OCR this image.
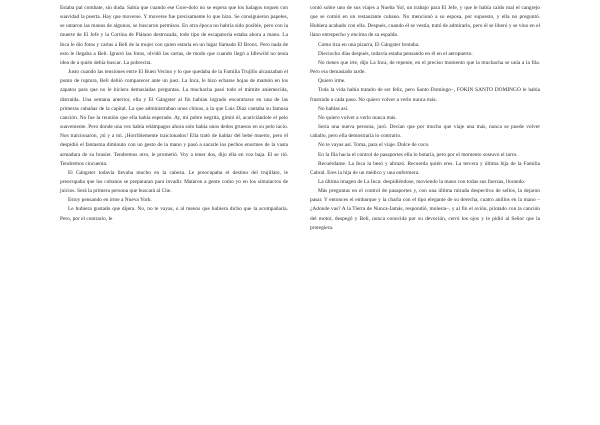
Estaba pal combate, sin duda. Sabía que cuando ese Gore-dolo no se espera que los halagos toquen con suavidad la puerta. Hay que moverse. Y moverse fue precisamente lo que hizo. Se consiguieron papeles, se untaron las manos de algunos, se buscaron permisos. En otra época no habría sido posible, pero con la muerte de El Jefe y la Cortina de Plátano destrozada, todo tipo de escapatoria estaba ahora a mano. La Inca le dio fotos y cartas a Beli de la mujer con quien estaría en un lugar llamado El Bronx. Pero nada de esto le llegaba a Beli. Ignoró las fotos, olvidó las cartas, de modo que cuando llegó a Idlewild no tenía idea de a quién debía buscar. La pobrecita.

Justo cuando las tensiones entre El Buen Vecino y lo que quedaba de la Familia Trujillo alcanzaban el punto de ruptura, Beli debió comparecer ante un juez. La Inca, le hizo echarse hojas de mamón en los zapatos para que no le hiciera demasiadas preguntas. La muchacha pasó todo el trámite aniemecida, distraída. Una semana anterior, ella y El Gángster al fin habían logrado encontrarse en una de las primeras cabañas de la capital. La que administraban unos chinos, a la que Luis Díaz cantaba su famosa canción. No fue la reunión que ella había esperado. Ay, mi pobre negrita, gimió él, acariciándole el pelo suavemente. Pero donde una vez había relámpagos ahora solo había unos dedos gruesos en su pelo lacio. Nos traicionaron, ¡tú y a mí. ¡Horriblemente traicionados! Ella trató de hablar del bebé muerto, pero él despidió el fantasma diminuto con un gesto de la mano y pasó a sacarle los pechos enormes de la vasta armadura de su brasier. Tendremos otro, le prometió. Voy a tener dos, dijo ella en voz baja. El se rió. Tendremos cincuenta.

El Gángster todavía llevaba mucho en la cabeza. Le preocupaba el destino del trujillato, le preocupaba que los cubanos se prepararan para invadir. Mataron a gente como yo en los simulacros de juicios. Será la primera persona que buscará al Che.

Estoy pensando en irme a Nueva York.

Le hubiera gustado que dijera. No, no te vayas, o al menos que hubiera dicho que la acompañaría. Pero, por el contrario, le

contó sobre uno de sus viajes a Nueba Yol, un trabajo para El Jefe, y que le había caído mal el cangrejo que se comió en un restaurante cubano. No mencionó a su esposa, por supuesto, y ella no preguntó. Hubiera acabado con ella. Después, cuando él se vestía, trató de admirarlo, pero él se liberó y se vino en el llano entrepecho y encima de su espalda.

Como tiza en una pizarra, El Gángster brotaba.

Dieciocho días después, todavía estaba pensando en él en el aeropuerto.

No tienes que irte, dijo La Inca, de repente, en el preciso momento que la muchacha se unía a la fila. Pero era demasiado tarde.

Quiero irme.

Toda la vida había tratado de ser feliz, pero Santo Domingo–, FOKIN SANTO DOMINGO le había frustrado a cada paso. No quiero volver a verlo nunca más.

No hablas así.

No quiero volver a verlo nunca más.

Sería una nueva persona, juró. Decían que por mucho que viaje una más, nunca se puede volver caballo, pero ella demostraría lo contrario.

No te vayas así. Toma, para el viaje. Dulce de coco.

En la fila hacia el control de pasaportes ella lo botaría, pero por el momento sostuvo el tarro.

Recuérdame. La Inca la besó y abrazó. Recuerda quién eres. La tercera y última hija de la Familia Cabral. Eres la hija de un médico y una enfermera.

La última imagen de La Inca: despidiéndose, moviendo la mano con todas sus fuerzas, llorando.

Más preguntas en el control de pasaportes y, con una última mirada despectiva de sellos, la dejaron pasar. Y entonces el embarque y la charla con el tipo elegante de su derecha, cuatro anillos en la mano –¿Adonde vas? A la Tierra de Nunca-Jamás, respondió, molesta–, y al fin el avión, pilotado con la canción del motor, despegó y Beli, nunca conocida por su devoción, cerró los ojos y le pidió al Señor que la protegiera.
